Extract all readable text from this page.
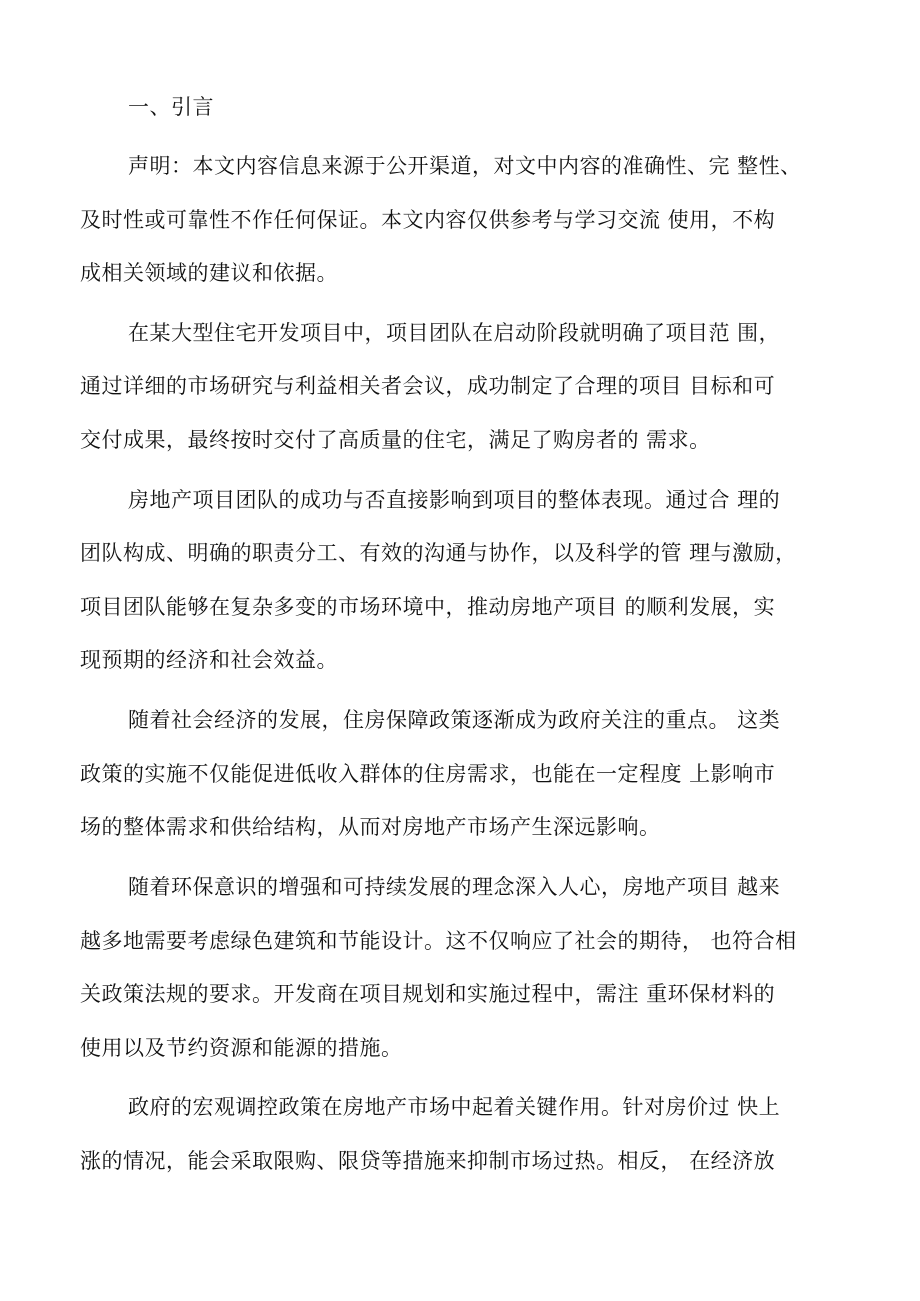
一、引言
声明：本文内容信息来源于公开渠道，对文中内容的准确性、完 整性、
及时性或可靠性不作任何保证。本文内容仅供参考与学习交流 使用，不构
成相关领域的建议和依据。
在某大型住宅开发项目中，项目团队在启动阶段就明确了项目范 围，
通过详细的市场研究与利益相关者会议，成功制定了合理的项目 目标和可
交付成果，最终按时交付了高质量的住宅，满足了购房者的 需求。
房地产项目团队的成功与否直接影响到项目的整体表现。通过合 理的
团队构成、明确的职责分工、有效的沟通与协作，以及科学的管 理与激励，
项目团队能够在复杂多变的市场环境中，推动房地产项目 的顺利发展，实
现预期的经济和社会效益。
随着社会经济的发展，住房保障政策逐渐成为政府关注的重点。 这类
政策的实施不仅能促进低收入群体的住房需求，也能在一定程度 上影响市
场的整体需求和供给结构，从而对房地产市场产生深远影响。
随着环保意识的增强和可持续发展的理念深入人心，房地产项目 越来
越多地需要考虑绿色建筑和节能设计。这不仅响应了社会的期待， 也符合相
关政策法规的要求。开发商在项目规划和实施过程中，需注 重环保材料的
使用以及节约资源和能源的措施。
政府的宏观调控政策在房地产市场中起着关键作用。针对房价过 快上
涨的情况，能会采取限购、限贷等措施来抑制市场过热。相反， 在经济放
